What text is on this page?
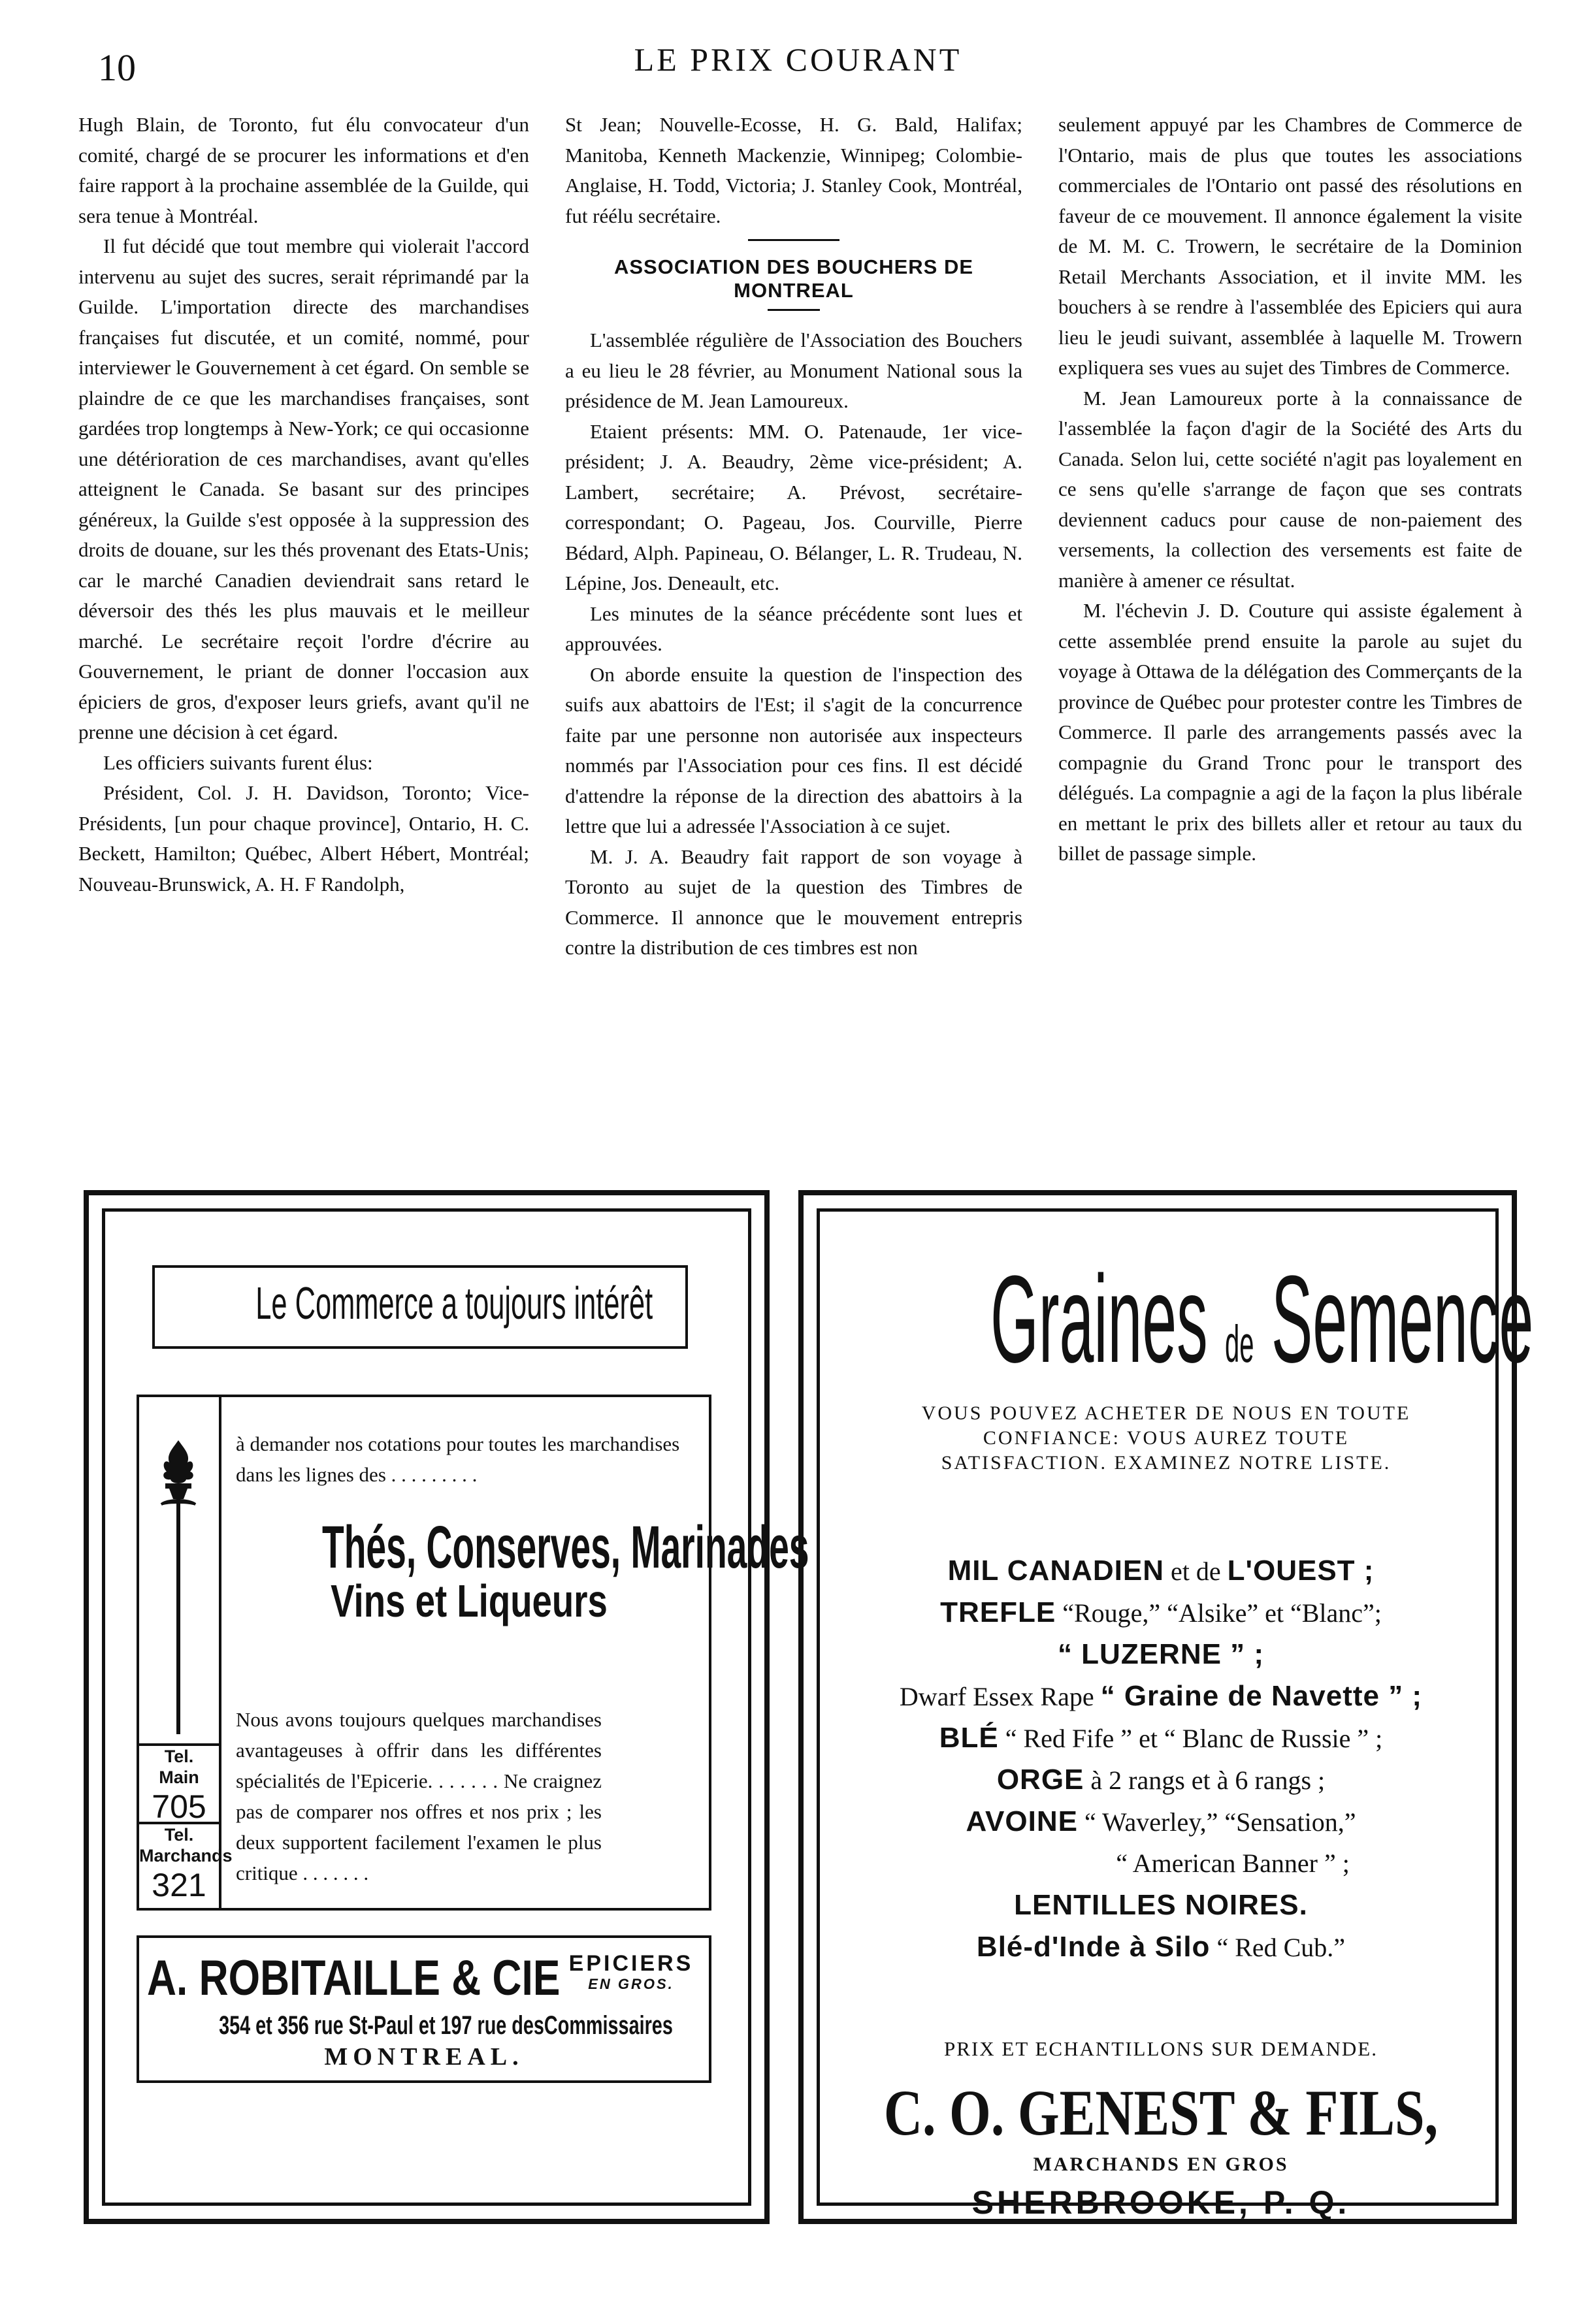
10	LE PRIX COURANT

Hugh Blain, de Toronto, fut élu convocateur d'un comité, chargé de se procurer les informations et d'en faire rapport à la prochaine assemblée de la Guilde, qui sera tenue à Montréal.

Il fut décidé que tout membre qui violerait l'accord intervenu au sujet des sucres, serait réprimandé par la Guilde. L'importation directe des marchandises françaises fut discutée, et un comité, nommé, pour interviewer le Gouvernement à cet égard. On semble se plaindre de ce que les marchandises françaises, sont gardées trop longtemps à New-York; ce qui occasionne une détérioration de ces marchandises, avant qu'elles atteignent le Canada. Se basant sur des principes généreux, la Guilde s'est opposée à la suppression des droits de douane, sur les thés provenant des Etats-Unis; car le marché Canadien deviendrait sans retard le déversoir des thés les plus mauvais et le meilleur marché. Le secrétaire reçoit l'ordre d'écrire au Gouvernement, le priant de donner l'occasion aux épiciers de gros, d'exposer leurs griefs, avant qu'il ne prenne une décision à cet égard.

Les officiers suivants furent élus:

Président, Col. J. H. Davidson, Toronto; Vice-Présidents, [un pour chaque province], Ontario, H. C. Beckett, Hamilton; Québec, Albert Hébert, Montréal; Nouveau-Brunswick, A. H. F Randolph,

St Jean; Nouvelle-Ecosse, H. G. Bald, Halifax; Manitoba, Kenneth Mackenzie, Winnipeg; Colombie-Anglaise, H. Todd, Victoria; J. Stanley Cook, Montréal, fut réélu secrétaire.

ASSOCIATION DES BOUCHERS DE MONTREAL

L'assemblée régulière de l'Association des Bouchers a eu lieu le 28 février, au Monument National sous la présidence de M. Jean Lamoureux.

Etaient présents: MM. O. Patenaude, 1er vice-président; J. A. Beaudry, 2ème vice-président; A. Lambert, secrétaire; A. Prévost, secrétaire-correspondant; O. Pageau, Jos. Courville, Pierre Bédard, Alph. Papineau, O. Bélanger, L. R. Trudeau, N. Lépine, Jos. Deneault, etc.

Les minutes de la séance précédente sont lues et approuvées.

On aborde ensuite la question de l'inspection des suifs aux abattoirs de l'Est; il s'agit de la concurrence faite par une personne non autorisée aux inspecteurs nommés par l'Association pour ces fins. Il est décidé d'attendre la réponse de la direction des abattoirs à la lettre que lui a adressée l'Association à ce sujet.

M. J. A. Beaudry fait rapport de son voyage à Toronto au sujet de la question des Timbres de Commerce. Il annonce que le mouvement entrepris contre la distribution de ces timbres est non

seulement appuyé par les Chambres de Commerce de l'Ontario, mais de plus que toutes les associations commerciales de l'Ontario ont passé des résolutions en faveur de ce mouvement. Il annonce également la visite de M. M. C. Trowern, le secrétaire de la Dominion Retail Merchants Association, et il invite MM. les bouchers à se rendre à l'assemblée des Epiciers qui aura lieu le jeudi suivant, assemblée à laquelle M. Trowern expliquera ses vues au sujet des Timbres de Commerce.

M. Jean Lamoureux porte à la connaissance de l'assemblée la façon d'agir de la Société des Arts du Canada. Selon lui, cette société n'agit pas loyalement en ce sens qu'elle s'arrange de façon que ses contrats deviennent caducs pour cause de non-paiement des versements, la collection des versements est faite de manière à amener ce résultat.

M. l'échevin J. D. Couture qui assiste également à cette assemblée prend ensuite la parole au sujet du voyage à Ottawa de la délégation des Commerçants de la province de Québec pour protester contre les Timbres de Commerce. Il parle des arrangements passés avec la compagnie du Grand Tronc pour le transport des délégués. La compagnie a agi de la façon la plus libérale en mettant le prix des billets aller et retour au taux du billet de passage simple.

Le Commerce a toujours intérêt
Tel.
Main
705
Tel.
Marchands
321
à demander nos cotations pour toutes les marchandises dans les lignes des . . . . . . . . .
Thés, Conserves, Marinades
Vins et Liqueurs
Nous avons toujours quelques marchandises avantageuses à offrir dans les différentes spécialités de l'Epicerie. . . . . . . Ne craignez pas de comparer nos offres et nos prix ; les deux supportent facilement l'examen le plus critique . . . . . . .
A. ROBITAILLE & CIE EPICIERS
EN GROS.
354 et 356 rue St-Paul et 197 rue desCommissaires
MONTREAL.
Graines de Semence
VOUS POUVEZ ACHETER DE NOUS EN TOUTE CONFIANCE: VOUS AUREZ TOUTE SATISFACTION. EXAMINEZ NOTRE LISTE.
MIL CANADIEN et de L'OUEST ;
TREFLE “Rouge,” “Alsike” et “Blanc”;
“ LUZERNE ” ;
Dwarf Essex Rape “ Graine de Navette ” ;
BLÉ “ Red Fife ” et “ Blanc de Russie ” ;
ORGE à 2 rangs et à 6 rangs ;
AVOINE “ Waverley,” “Sensation,”
“ American Banner ” ;
LENTILLES NOIRES.
Blé-d'Inde à Silo “ Red Cub.”
PRIX ET ECHANTILLONS SUR DEMANDE.
C. O. GENEST & FILS,
MARCHANDS EN GROS
SHERBROOKE, P. Q.
